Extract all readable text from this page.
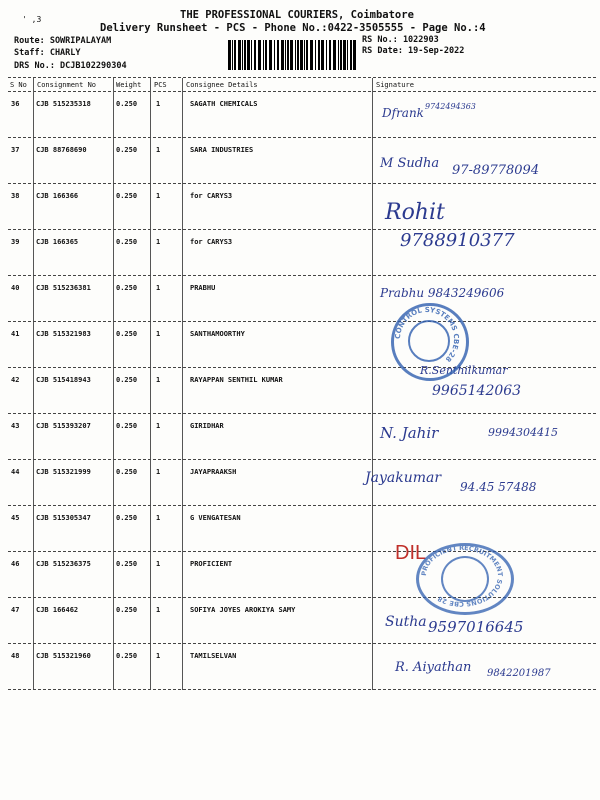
THE PROFESSIONAL COURIERS, Coimbatore
' ,3
Delivery Runsheet - PCS - Phone No.:0422-3505555 - Page No.:4
Route: SOWRIPALAYAM
Staff: CHARLY
DRS No.: DCJB102290304
RS No.: 1022903
RS Date: 19-Sep-2022
S No Consignment No	Weight PCS	Consignee Details	Signature
36 CJB 515235318	0.250	1	SAGATH CHEMICALS
Dfrank 9742494363
37 CJB 88768690	0.250	1	SARA INDUSTRIES
M Sudha 97-89778094
38 CJB 166366	0.250	1	for CARYS3
Rohit
39 CJB 166365	0.250	1	for CARYS3	9788910377
40 CJB 515236381	0.250	1	PRABHU	Prabhu 9843249606
41 CJB 515321983	0.250	1	SANTHAMOORTHY
42 CJB 515418943	0.250	1	RAYAPPAN SENTHIL KUMAR
R.Senthilkumar
9965142063
43 CJB 515393207	0.250	1	GIRIDHAR	N. Jahir	9994304415
44 CJB 515321999	0.250	1	JAYAPRAAKSH	Jayakumar
94.45 57488
45 CJB 515305347	0.250	1	G VENGATESAN
46 CJB 515236375	0.250	1	PROFICIENT	DIL
47 CJB 166462	0.250	1	SOFIYA JOYES AROKIYA SAMY
Sutha 9597016645
48 CJB 515321960	0.250	1	TAMILSELVAN
R. Aiyathan 9842201987
CONTROL SYSTEMS CBE-28
PROFICIENT RECRUITMENT SOLUTIONS CBE 28
